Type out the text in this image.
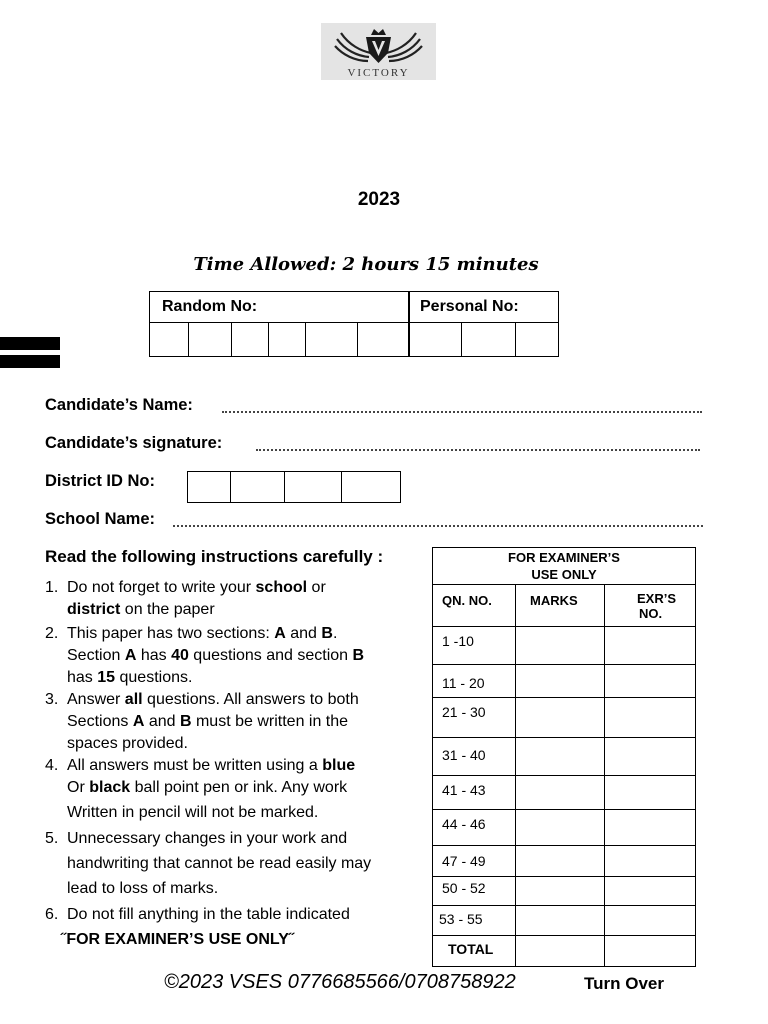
VICTORY
2023
Time Allowed: 2 hours 15 minutes
Random No:	Personal No:
Candidate’s Name:
Candidate’s signature:
District ID No:
School Name:
Read the following instructions carefully :
1. Do not forget to write your school or
district on the paper
2. This paper has two sections: A and B.
Section A has 40 questions and section B
has 15 questions.
3. Answer all questions. All answers to both
Sections A and B must be written in the
spaces provided.
4. All answers must be written using a blue
Or black ball point pen or ink. Any work
Written in pencil will not be marked.
5. Unnecessary changes in your work and
handwriting that cannot be read easily may
lead to loss of marks.
6. Do not fill anything in the table indicated
˝FOR EXAMINER’S USE ONLY˝
FOR EXAMINER’S
USE ONLY
QN. NO.	MARKS	EXR’S
NO.
1 -10
11 - 20
21 - 30
31 - 40
41 - 43
44 - 46
47 - 49
50 - 52
53 - 55
TOTAL
©2023 VSES 0776685566/0708758922	Turn Over
